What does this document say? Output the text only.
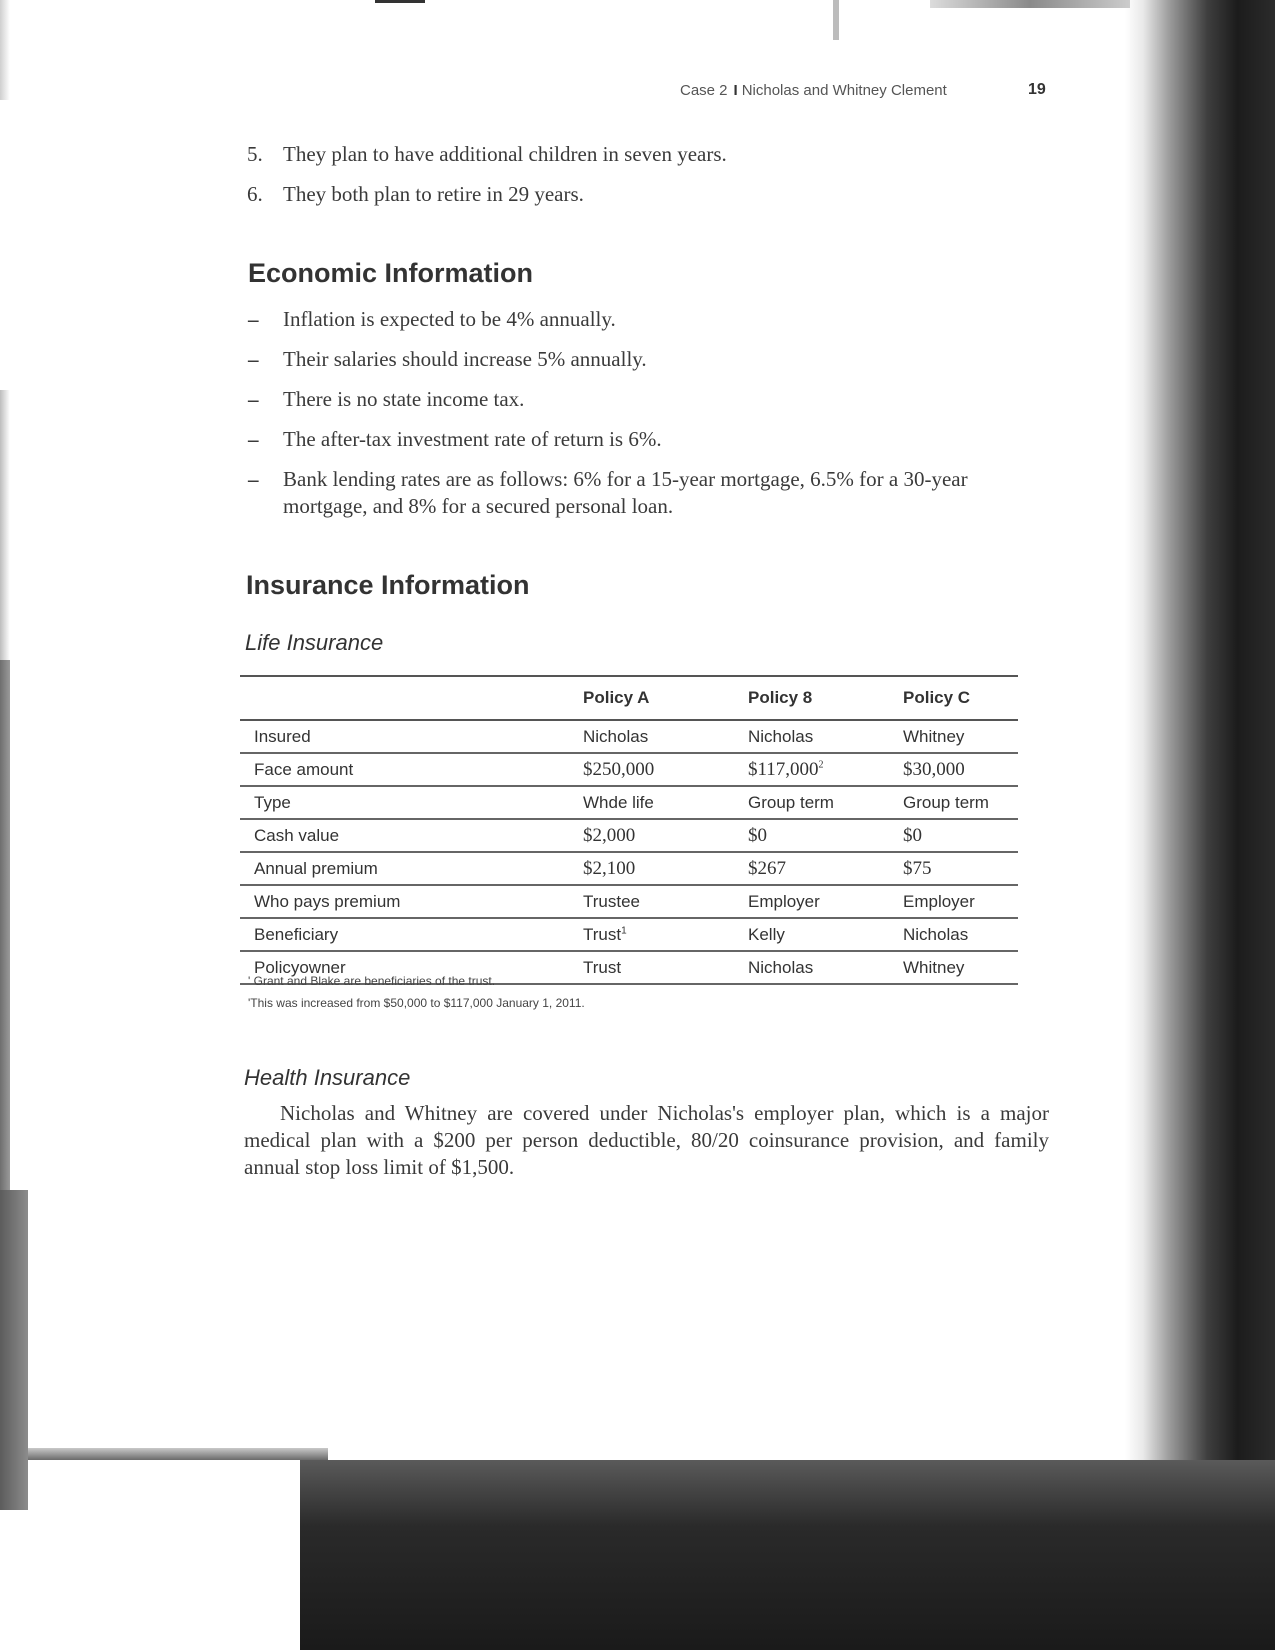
Case 2 I Nicholas and Whitney Clement	19
5. They plan to have additional children in seven years.
6. They both plan to retire in 29 years.
Economic Information
–	Inflation is expected to be 4% annually.
–	Their salaries should increase 5% annually.
–	There is no state income tax.
–	The after-tax investment rate of return is 6%.
–	Bank lending rates are as follows: 6% for a 15-year mortgage, 6.5% for a 30-year mortgage, and 8% for a secured personal loan.
Insurance Information
Life Insurance
	Policy A	Policy 8	Policy C
Insured	Nicholas	Nicholas	Whitney
Face amount	$250,000	$117,000$^2$	$30,000
Type	Whde life	Group term	Group term
Cash value	$2,000	$0	$0
Annual premium	$2,100	$267	$75
Who pays premium	Trustee	Employer	Employer
Beneficiary	Trust$^1$	Kelly	Nicholas
Policyowner	Trust	Nicholas	Whitney
' Grant and Blake are beneficiaries of the trust.
'This was increased from $50,000 to $117,000 January 1, 2011.
Health Insurance

Nicholas and Whitney are covered under Nicholas's employer plan, which is a major medical plan with a $200 per person deductible, 80/20 coinsurance provision, and family annual stop loss limit of $1,500.
